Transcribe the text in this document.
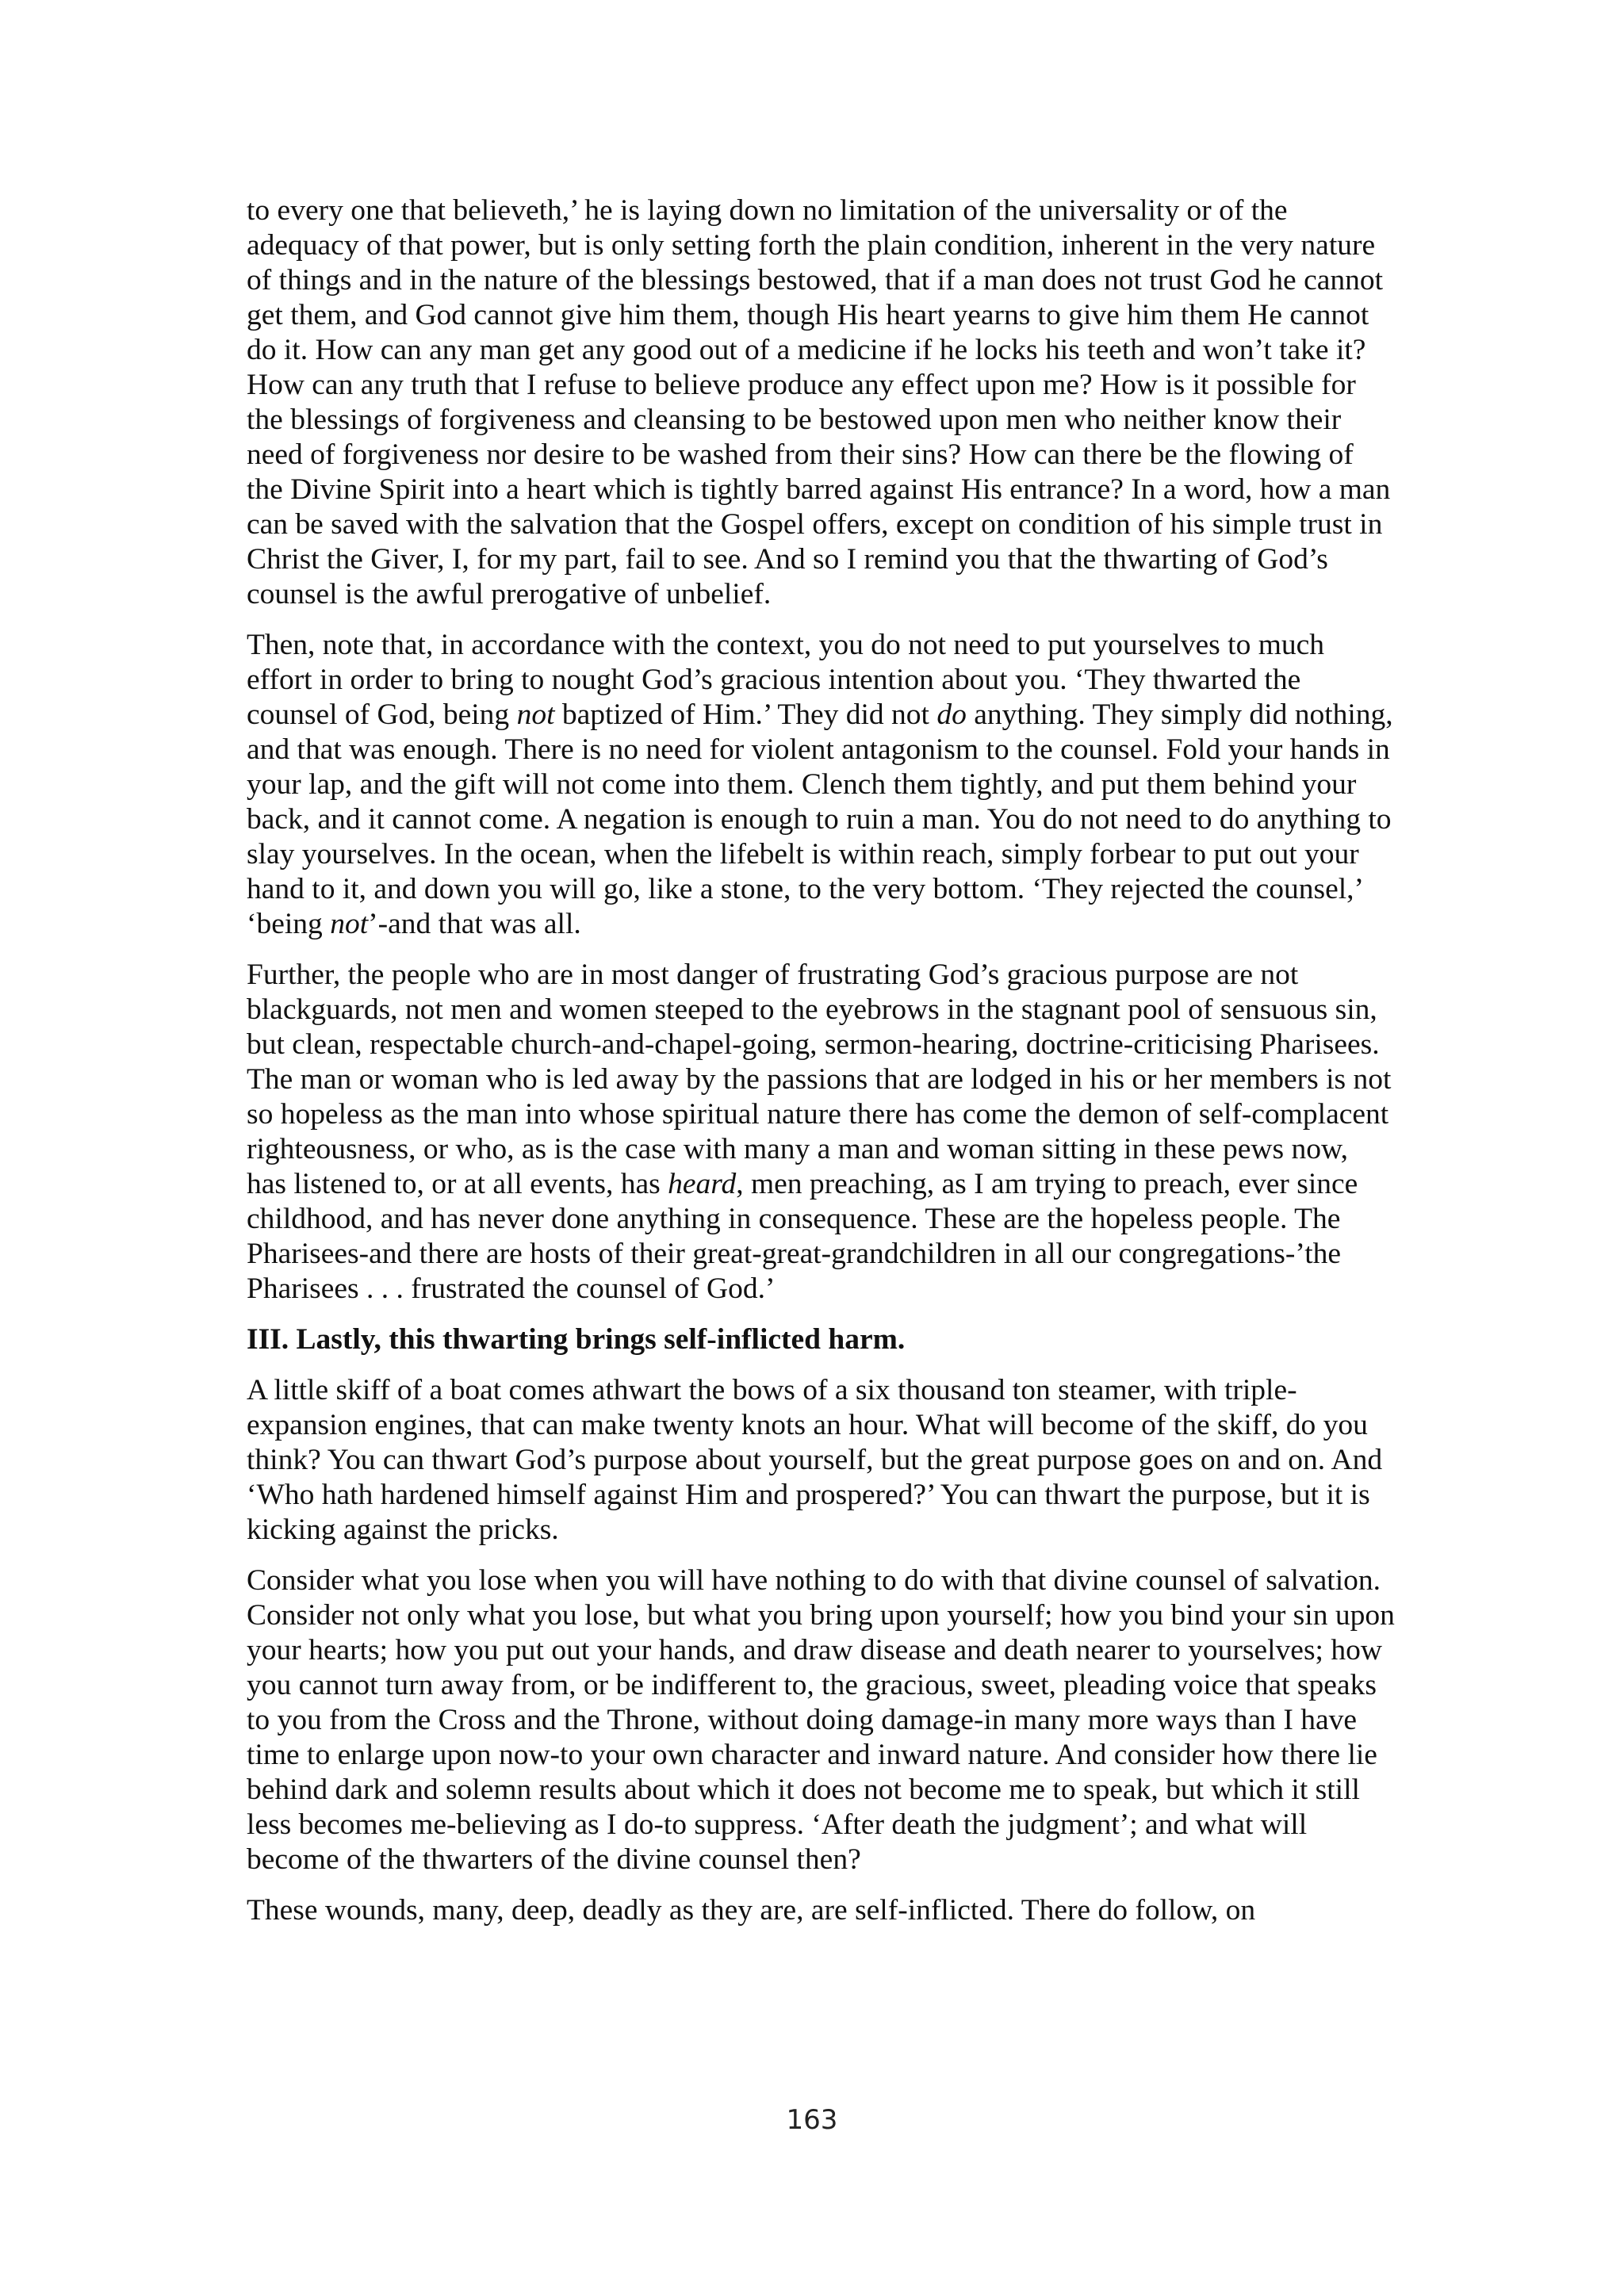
to every one that believeth,’ he is laying down no limitation of the universality or of the adequacy of that power, but is only setting forth the plain condition, inherent in the very nature of things and in the nature of the blessings bestowed, that if a man does not trust God he cannot get them, and God cannot give him them, though His heart yearns to give him them He cannot do it. How can any man get any good out of a medicine if he locks his teeth and won’t take it? How can any truth that I refuse to believe produce any effect upon me? How is it possible for the blessings of forgiveness and cleansing to be bestowed upon men who neither know their need of forgiveness nor desire to be washed from their sins? How can there be the flowing of the Divine Spirit into a heart which is tightly barred against His entrance? In a word, how a man can be saved with the salvation that the Gospel offers, except on condition of his simple trust in Christ the Giver, I, for my part, fail to see. And so I remind you that the thwarting of God’s counsel is the awful prerogative of unbelief.

Then, note that, in accordance with the context, you do not need to put yourselves to much effort in order to bring to nought God’s gracious intention about you. ‘They thwarted the counsel of God, being not baptized of Him.’ They did not do anything. They simply did nothing, and that was enough. There is no need for violent antagonism to the counsel. Fold your hands in your lap, and the gift will not come into them. Clench them tightly, and put them behind your back, and it cannot come. A negation is enough to ruin a man. You do not need to do anything to slay yourselves. In the ocean, when the lifebelt is within reach, simply forbear to put out your hand to it, and down you will go, like a stone, to the very bottom. ‘They rejected the counsel,’ ‘being not’-and that was all.

Further, the people who are in most danger of frustrating God’s gracious purpose are not blackguards, not men and women steeped to the eyebrows in the stagnant pool of sensuous sin, but clean, respectable church-and-chapel-going, sermon-hearing, doctrine-criticising Pharisees. The man or woman who is led away by the passions that are lodged in his or her members is not so hopeless as the man into whose spiritual nature there has come the demon of self-complacent righteousness, or who, as is the case with many a man and woman sitting in these pews now, has listened to, or at all events, has heard, men preaching, as I am trying to preach, ever since childhood, and has never done anything in consequence. These are the hopeless people. The Pharisees-and there are hosts of their great-great-grandchildren in all our congregations-’the Pharisees . . . frustrated the counsel of God.’

III. Lastly, this thwarting brings self-inflicted harm.

A little skiff of a boat comes athwart the bows of a six thousand ton steamer, with triple-expansion engines, that can make twenty knots an hour. What will become of the skiff, do you think? You can thwart God’s purpose about yourself, but the great purpose goes on and on. And ‘Who hath hardened himself against Him and prospered?’ You can thwart the purpose, but it is kicking against the pricks.

Consider what you lose when you will have nothing to do with that divine counsel of salvation. Consider not only what you lose, but what you bring upon yourself; how you bind your sin upon your hearts; how you put out your hands, and draw disease and death nearer to yourselves; how you cannot turn away from, or be indifferent to, the gracious, sweet, pleading voice that speaks to you from the Cross and the Throne, without doing damage-in many more ways than I have time to enlarge upon now-to your own character and inward nature. And consider how there lie behind dark and solemn results about which it does not become me to speak, but which it still less becomes me-believing as I do-to suppress. ‘After death the judgment’; and what will become of the thwarters of the divine counsel then?

These wounds, many, deep, deadly as they are, are self-inflicted. There do follow, on

163
